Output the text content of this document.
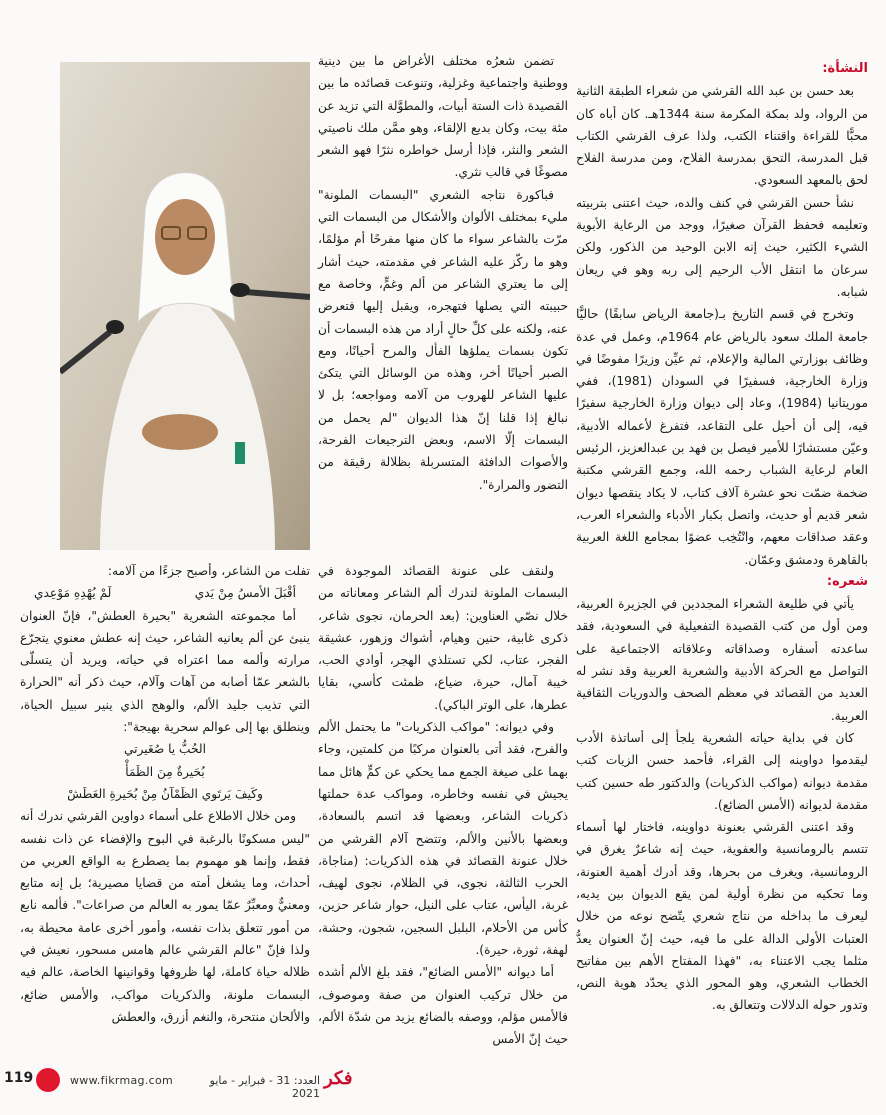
النشأة:

بعد حسن بن عبد الله القرشي من شعراء الطبقة الثانية من الرواد، ولد بمكة المكرمة سنة 1344هـ. كان أباه كان محبًّا للقراءة واقتناء الكتب، ولذا عرف القرشي الكتاب قبل المدرسة، التحق بمدرسة الفلاح، ومن مدرسة الفلاح لحق بالمعهد السعودي.

نشأ حسن القرشي في كنف والده، حيث اعتنى بتربيته وتعليمه فحفظ القرآن صغيرًا، ووجد من الرعاية الأبوية الشيء الكثير، حيث إنه الابن الوحيد من الذكور، ولكن سرعان ما انتقل الأب الرحيم إلى ربه وهو في ريعان شبابه.

وتخرج في قسم التاريخ بـ(جامعة الرياض سابقًا) حاليًّا جامعة الملك سعود بالرياض عام 1964م، وعمل في عدة وظائف بوزارتي المالية والإعلام، ثم عيِّن وزيرًا مفوضًا في وزارة الخارجية، فسفيرًا في السودان (1981)، ففي موريتانيا (1984)، وعاد إلى ديوان وزارة الخارجية سفيرًا فيه، إلى أن أحيل على التقاعد، فتفرغ لأعماله الأدبية، وعيّن مستشارًا للأمير فيصل بن فهد بن عبدالعزيز، الرئيس العام لرعاية الشباب رحمه الله، وجمع القرشي مكتبة ضخمة ضمّت نحو عشرة آلاف كتاب، لا يكاد ينقصها ديوان شعر قديم أو حديث، واتصل بكبار الأدباء والشعراء العرب، وعقد صداقات معهم، وانْتُخِب عضوًا بمجامع اللغة العربية بالقاهرة ودمشق وعمّان.

شعره:

يأتي في طليعة الشعراء المجددين في الجزيرة العربية، ومن أول من كتب القصيدة التفعيلية في السعودية، فقد ساعدته أسفاره وصداقاته وعلاقاته الاجتماعية على التواصل مع الحركة الأدبية والشعرية العربية وقد نشر له العديد من القصائد في معظم الصحف والدوريات الثقافية العربية.

كان في بداية حياته الشعرية يلجأ إلى أساتذة الأدب ليقدموا دواوينه إلى القراء، فأحمد حسن الزيات كتب مقدمة ديوانه (مواكب الذكريات) والدكتور طه حسين كتب مقدمة لديوانه (الأمس الضائع).

وقد اعتنى القرشي بعنونة دواوينه، فاختار لها أسماء تتسم بالرومانسية والعفوية، حيث إنه شاعرٌ يغرق في الرومانسية، ويغرف من بحرها، وقد أدرك أهمية العنونة، وما تحكيه من نظرة أولية لمن يقع الديوان بين يديه، ليعرف ما بداخله من نتاج شعري يتّضح نوعه من خلال العتبات الأولى الدالة على ما فيه، حيث إنّ العنوان يعدُّ مثلما يجب الاعتناء به، "فهذا المفتاح الأهم بين مفاتيح الخطاب الشعري، وهو المحور الذي يحدّد هوية النص، وتدور حوله الدلالات وتتعالق به.

تضمن شعرُه مختلف الأغراض ما بين دينية ووطنية واجتماعية وغزلية، وتنوعت قصائده ما بين القصيدة ذات الستة أبيات، والمطوَّلة التي تزيد عن مئة بيت، وكان بديع الإلقاء، وهو ممَّن ملك ناصيتي الشعر والنثر، فإذا أرسل خواطره نثرًا فهو الشعر مصوغًا في قالب نثري.

فباكورة نتاجه الشعري "البسمات الملونة" مليء بمختلف الألوان والأشكال من البسمات التي مرّت بالشاعر سواء ما كان منها مفرحًا أم مؤلمًا، وهو ما ركّز عليه الشاعر في مقدمته، حيث أشار إلى ما يعتري الشاعر من ألم وغمٍّ، وخاصة مع حبيبته التي يصلها فتهجره، ويقبل إليها فتعرض عنه، ولكنه على كلِّ حالٍ أراد من هذه البسمات أن تكون بسمات يملؤها الفأل والمرح أحيانًا، ومع الصبر أحيانًا أخر، وهذه من الوسائل التي يتكئ عليها الشاعر للهروب من آلامه ومواجعه؛ بل لا نبالغ إذا قلنا إنّ هذا الديوان "لم يحمل من البسمات إلّا الاسم، وبعض الترجيعات الفرحة، والأصوات الدافئة المتسربلة بظلالة رقيقة من التضور والمرارة".

ولنقف على عنونة القصائد الموجودة في البسمات الملونة لندرك ألم الشاعر ومعاناته من خلال نصّي العناوين: (بعد الحرمان، نجوى شاعر، ذكرى غابية، حنين وهيام، أشواك وزهور، عشيقة الفجر، عتاب، لكي تستلذي الهجر، أوادي الحب، خيبة آمال، حيرة، ضياع، ظمئت كأسي، بقايا عطرها، على الوتر الباكي).

وفي ديوانه: "مواكب الذكريات" ما يحتمل الألم والفرح، فقد أتى بالعنوان مركبًا من كلمتين، وجاء بهما على صيغة الجمع مما يحكي عن كمٍّ هائل مما يجيش في نفسه وخاطره، ومواكب عدة حملتها ذكريات الشاعر، وبعضها قد اتسم بالسعادة، وبعضها بالأنين والألم، وتتضح آلام القرشي من خلال عنونة القصائد في هذه الذكريات: (مناجاة، الحرب الثالثة، نجوى، في الظلام، نجوى لهيف، غربة، اليأس، عتاب على النيل، حوار شاعر حزين، كأس من الأحلام، البلبل السجين، شجون، وحشة، لهفة، ثورة، حيرة).

أما ديوانه "الأمس الضائع"، فقد بلغ الألم أشده من خلال تركيب العنوان من صفة وموصوف، فالأمس مؤلم، ووصفه بالضائع يزيد من شدّة الألم، حيث إنّ الأمس

تفلت من الشاعر، وأصبح جزءًا من آلامه:

أقْبَلَ الأمسُ مِنْ يَدي
لَمْ يُهْدِهِ مَوْعِدي

أما مجموعته الشعرية "بحيرة العطش"، فإنّ العنوان ينبئ عن ألم يعانيه الشاعر، حيث إنه عطش معنوي يتجرّع مرارته وألمه مما اعتراه في حياته، ويريد أن يتسلّى بالشعر عمّا أصابه من آهات وآلام، حيث ذكر أنه "الحرارة التي تذيب جليد الألم، والوهج الذي ينير سبيل الحياة، وينطلق بها إلى عوالم سحرية بهيجة":

الحُبُّ يا صُغَيرتي

بُحَيرةٌ مِنَ الظَمَأْ

وكَيفَ يَرتَوي الظَمْآنُ مِنْ بُحَيرةِ العَطَشْ

ومن خلال الاطلاع على أسماء دواوين القرشي ندرك أنه "ليس مسكونًا بالرغبة في البوح والإفضاء عن ذات نفسه فقط، وإنما هو مهموم بما يصطرع به الواقع العربي من أحداث، وما يشغل أمته من قضايا مصيرية؛ بل إنه متابع ومعنيٌّ ومعبِّرٌ عمّا يمور به العالم من صراعات". فألمه نابع من أمور تتعلق بذات نفسه، وأمور أخرى عامة محيطة به، ولذا فإنّ "عالم القرشي عالم هامس مسحور، نعيش في ظلاله حياة كاملة، لها ظروفها وقوانينها الخاصة، عالم فيه البسمات ملونة، والذكريات مواكب، والأمس ضائع، والألحان منتحرة، والنغم أزرق، والعطش

119	www.fikrmag.com	العدد: 31 - فبراير - مايو 2021
فكر
